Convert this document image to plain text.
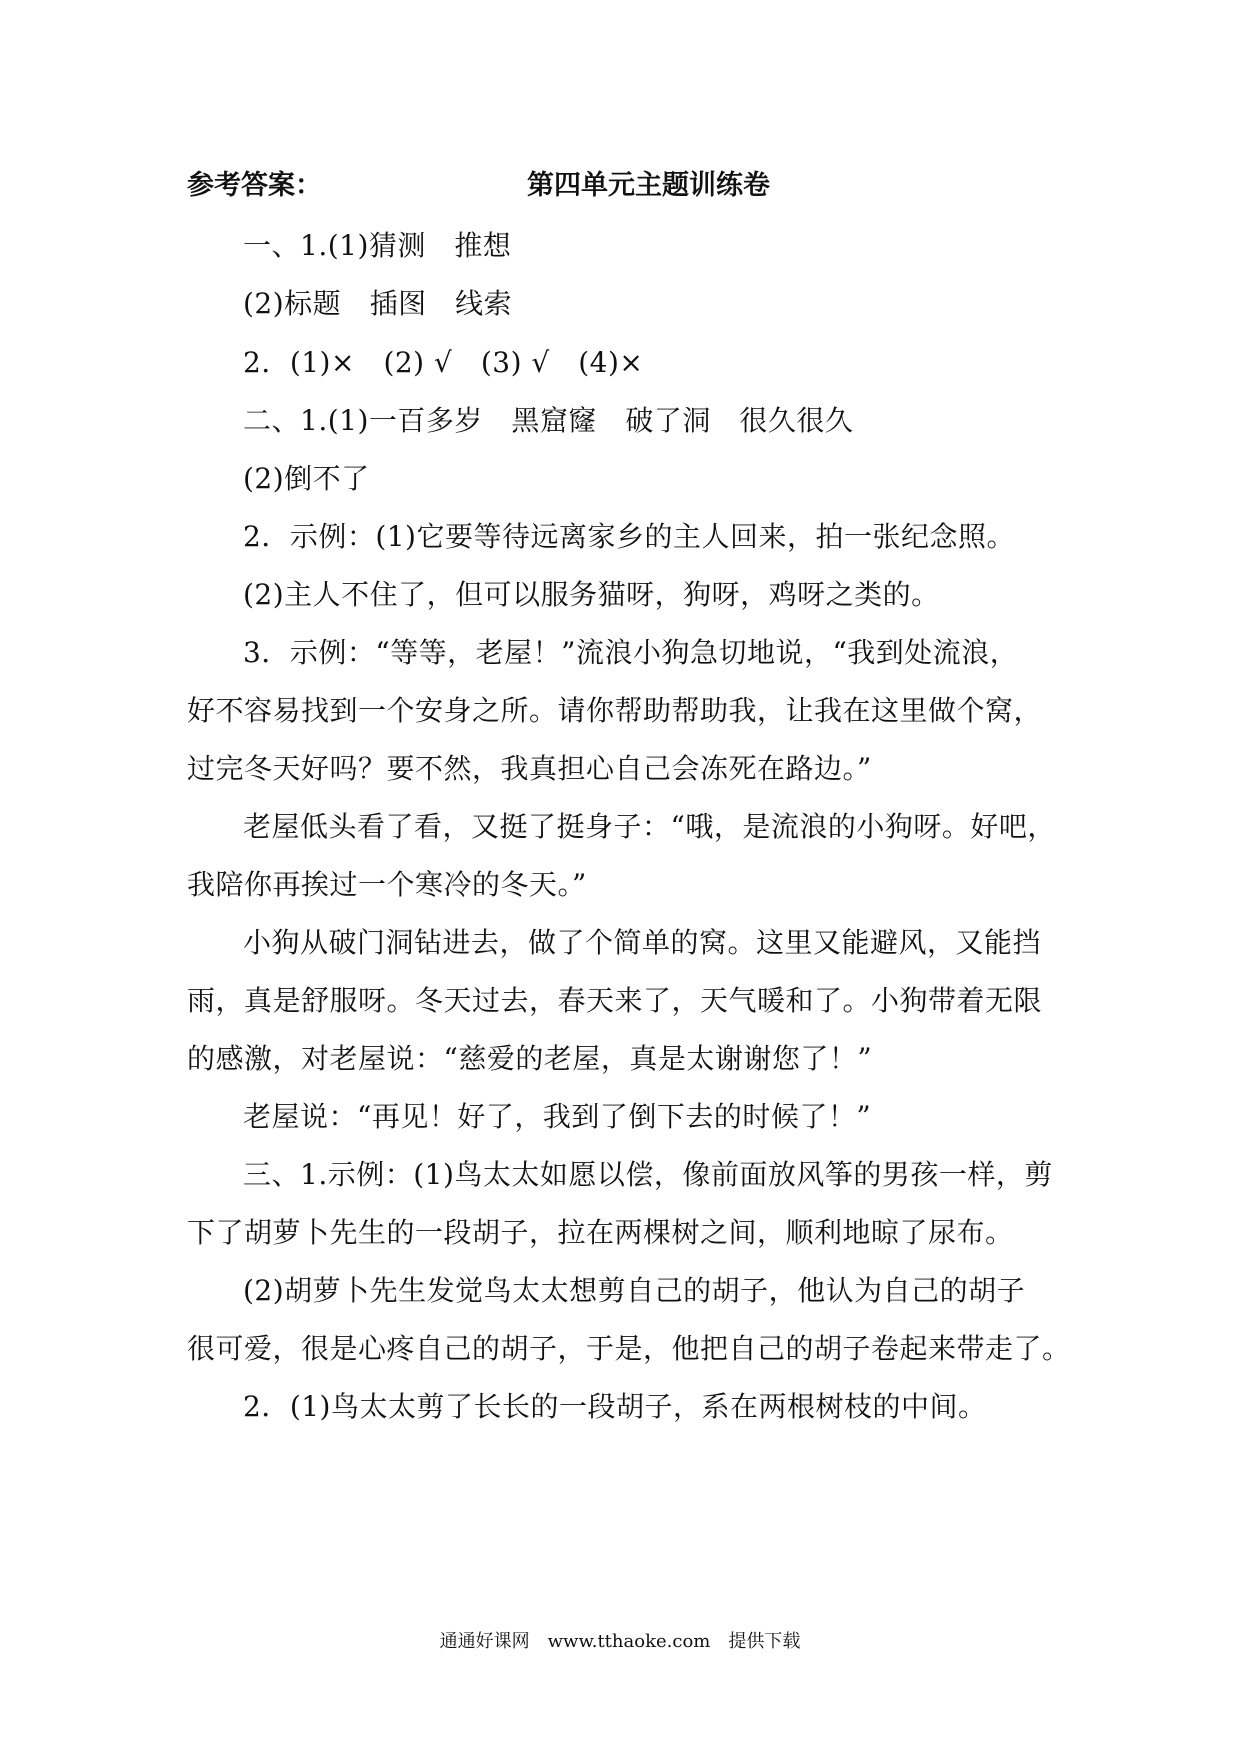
参考答案：	第四单元主题训练卷
一、1.(1)猜测　推想
(2)标题　插图　线索
2．(1)×　(2) √　(3) √　(4)×
二、1.(1)一百多岁　黑窟窿　破了洞　很久很久
(2)倒不了
2．示例：(1)它要等待远离家乡的主人回来，拍一张纪念照。
(2)主人不住了，但可以服务猫呀，狗呀，鸡呀之类的。
3．示例：“等等，老屋！”流浪小狗急切地说，“我到处流浪，
好不容易找到一个安身之所。请你帮助帮助我，让我在这里做个窝，
过完冬天好吗？要不然，我真担心自己会冻死在路边。”
老屋低头看了看，又挺了挺身子：“哦，是流浪的小狗呀。好吧，
我陪你再挨过一个寒冷的冬天。”
小狗从破门洞钻进去，做了个简单的窝。这里又能避风，又能挡
雨，真是舒服呀。冬天过去，春天来了，天气暖和了。小狗带着无限
的感激，对老屋说：“慈爱的老屋，真是太谢谢您了！”
老屋说：“再见！好了，我到了倒下去的时候了！”
三、1.示例：(1)鸟太太如愿以偿，像前面放风筝的男孩一样，剪
下了胡萝卜先生的一段胡子，拉在两棵树之间，顺利地晾了尿布。
(2)胡萝卜先生发觉鸟太太想剪自己的胡子，他认为自己的胡子
很可爱，很是心疼自己的胡子，于是，他把自己的胡子卷起来带走了。
2．(1)鸟太太剪了长长的一段胡子，系在两根树枝的中间。
通通好课网　www.tthaoke.com　提供下载
